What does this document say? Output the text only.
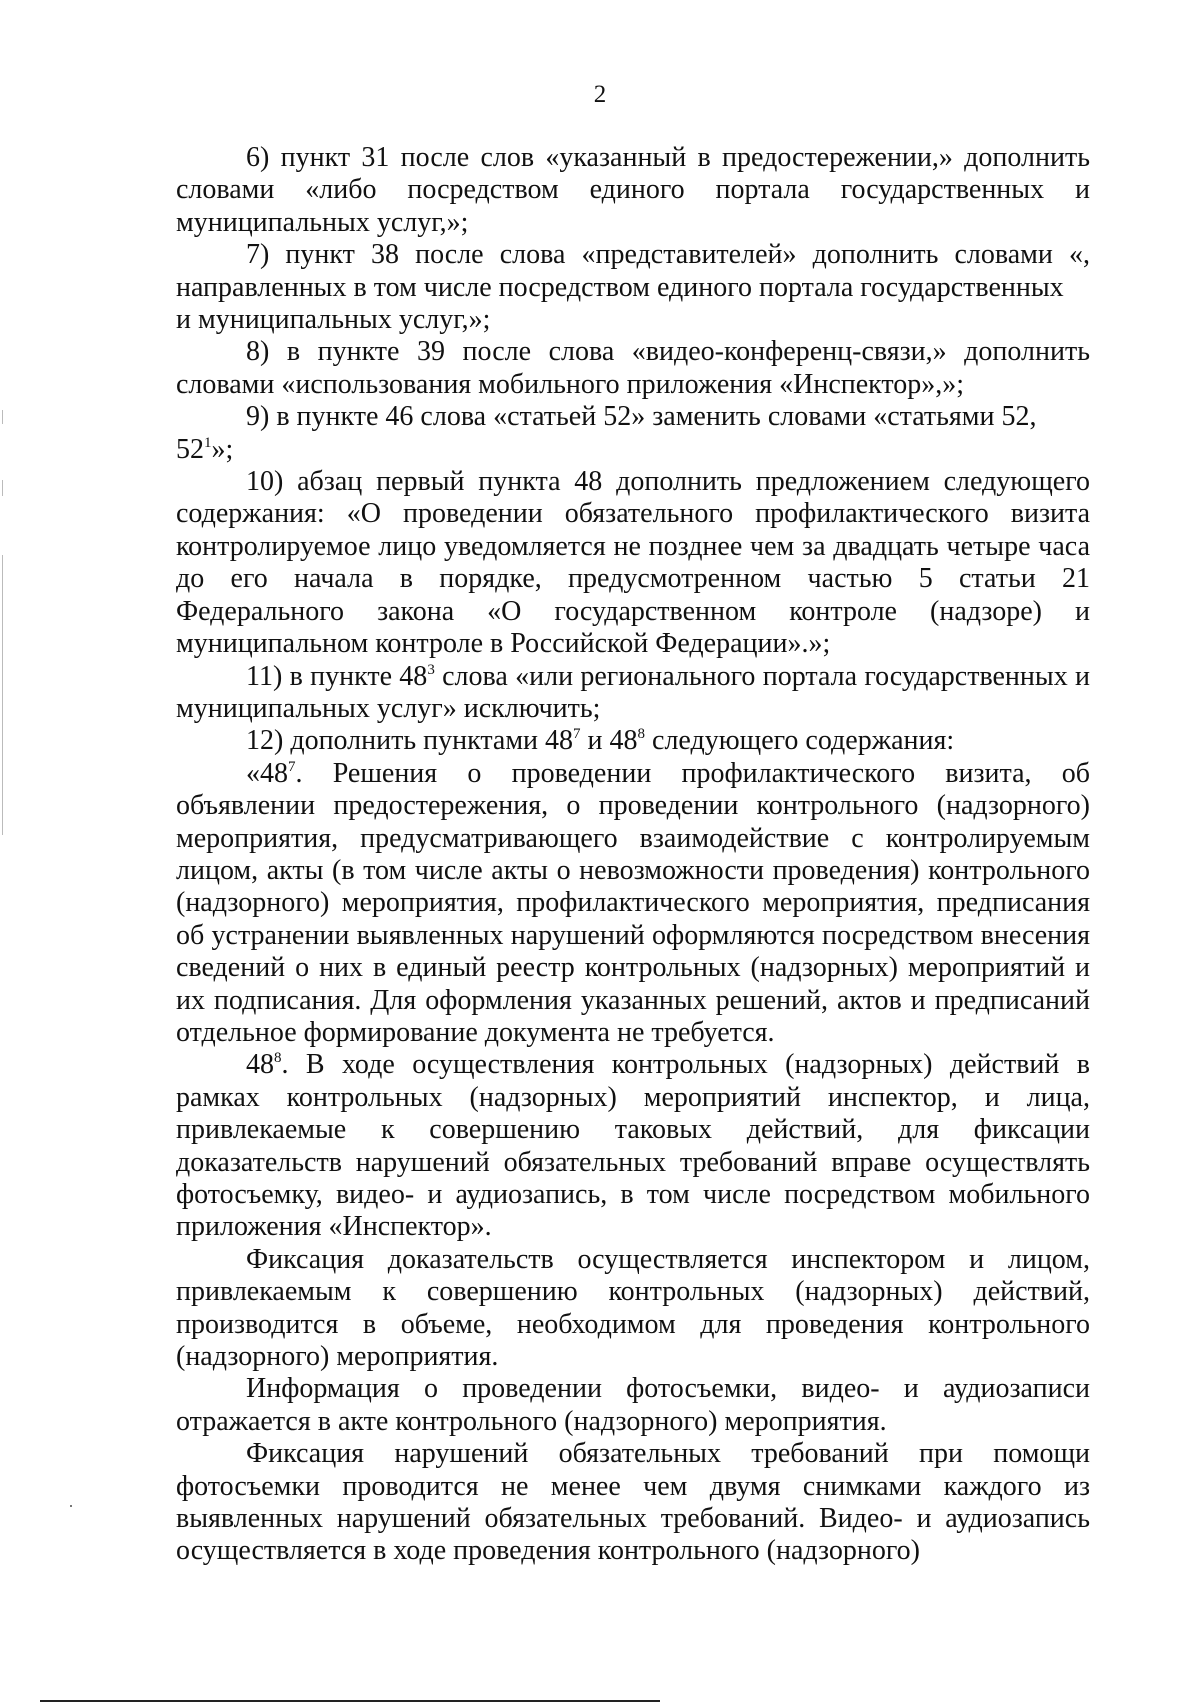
2

6) пункт 31 после слов «указанный в предостережении,» дополнить словами «либо посредством единого портала государственных и муниципальных услуг,»;

7) пункт 38 после слова «представителей» дополнить словами «, направленных в том числе посредством единого портала государственных

и муниципальных услуг,»;

8) в пункте 39 после слова «видео-конференц-связи,» дополнить словами «использования мобильного приложения «Инспектор»,»;

9) в пункте 46 слова «статьей 52» заменить словами «статьями 52, $52^1$»;

10) абзац первый пункта 48 дополнить предложением следующего содержания: «О проведении обязательного профилактического визита контролируемое лицо уведомляется не позднее чем за двадцать четыре часа до его начала в порядке, предусмотренном частью 5 статьи 21 Федерального закона «О государственном контроле (надзоре) и муниципальном контроле в Российской Федерации».»;

11) в пункте $48^3$ слова «или регионального портала государственных и муниципальных услуг» исключить;

12) дополнить пунктами $48^7$ и $48^8$ следующего содержания:

«$48^7$. Решения о проведении профилактического визита, об объявлении предостережения, о проведении контрольного (надзорного) мероприятия, предусматривающего взаимодействие с контролируемым лицом, акты (в том числе акты о невозможности проведения) контрольного (надзорного) мероприятия, профилактического мероприятия, предписания об устранении выявленных нарушений оформляются посредством внесения сведений о них в единый реестр контрольных (надзорных) мероприятий и их подписания. Для оформления указанных решений, актов и предписаний отдельное формирование документа не требуется.

$48^8$. В ходе осуществления контрольных (надзорных) действий в рамках контрольных (надзорных) мероприятий инспектор, и лица, привлекаемые к совершению таковых действий, для фиксации доказательств нарушений обязательных требований вправе осуществлять фотосъемку, видео- и аудиозапись, в том числе посредством мобильного приложения «Инспектор».

Фиксация доказательств осуществляется инспектором и лицом, привлекаемым к совершению контрольных (надзорных) действий, производится в объеме, необходимом для проведения контрольного (надзорного) мероприятия.

Информация о проведении фотосъемки, видео- и аудиозаписи отражается в акте контрольного (надзорного) мероприятия.

Фиксация нарушений обязательных требований при помощи фотосъемки проводится не менее чем двумя снимками каждого из выявленных нарушений обязательных требований. Видео- и аудиозапись осуществляется в ходе проведения контрольного (надзорного)
